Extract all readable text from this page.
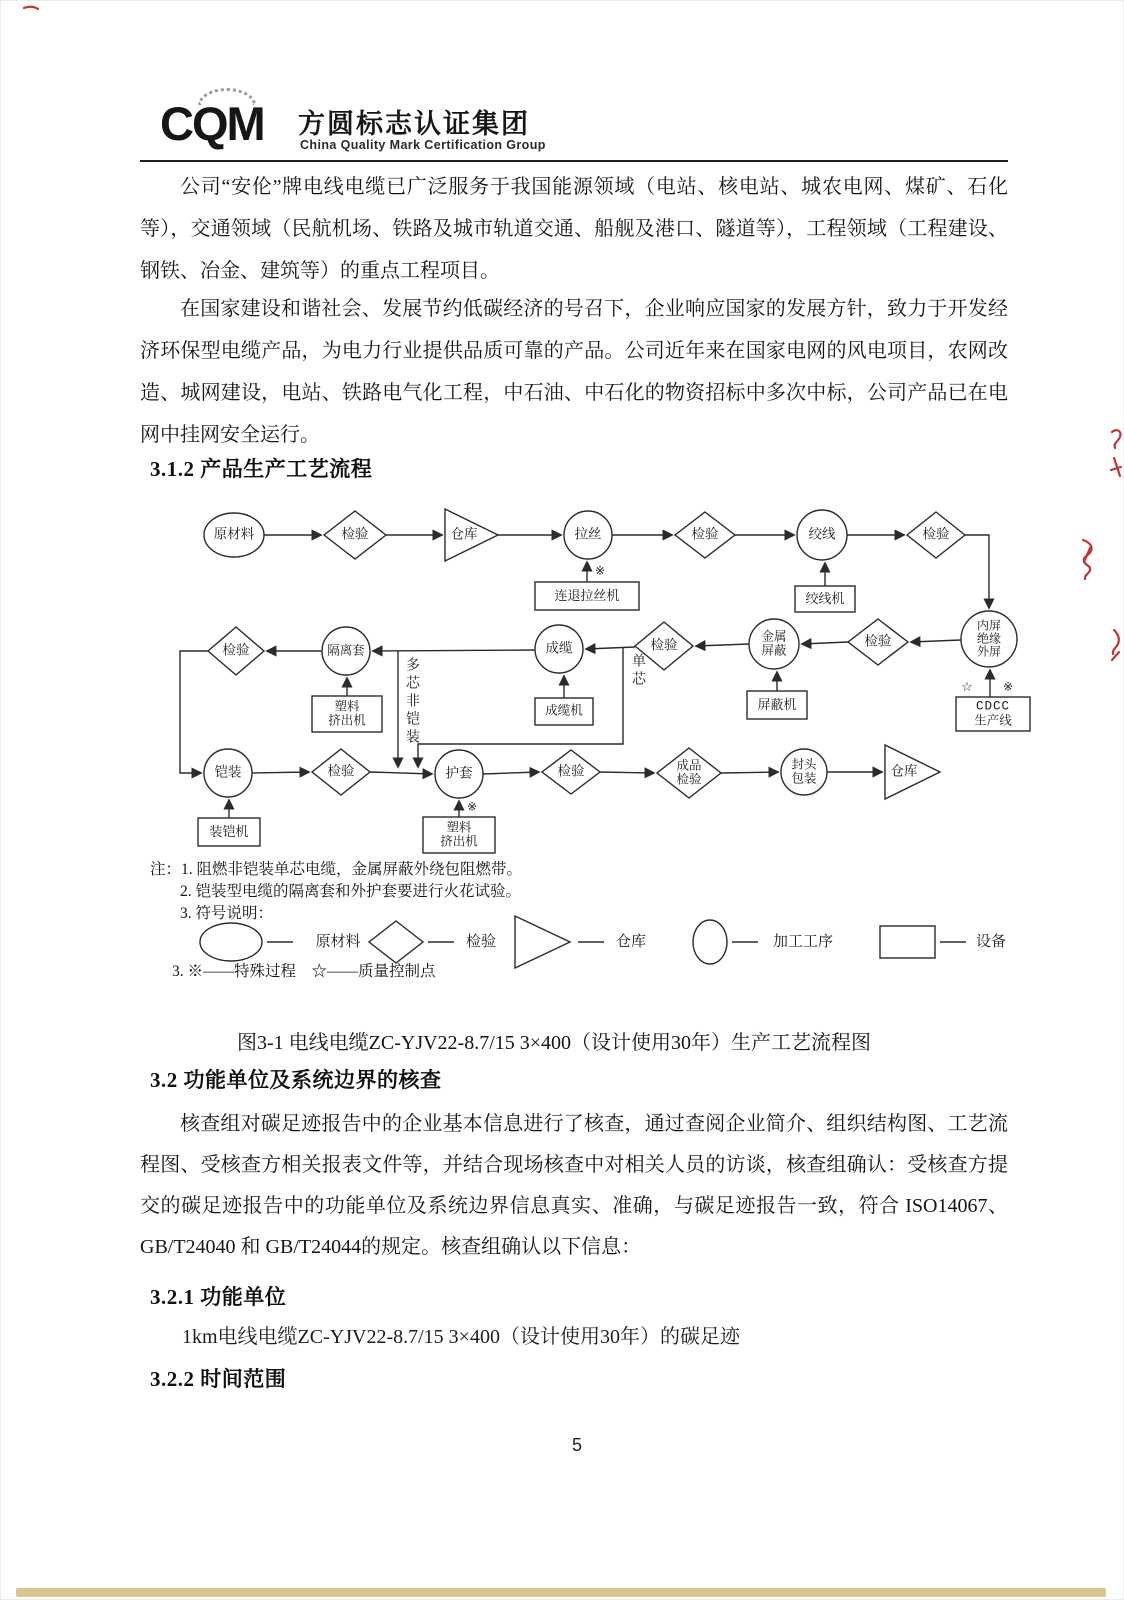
CQM	方圆标志认证集团
China Quality Mark Certification Group
公司“安伦”牌电线电缆已广泛服务于我国能源领域（电站、核电站、城农电网、煤矿、石化等），交通领域（民航机场、铁路及城市轨道交通、船舰及港口、隧道等），工程领域（工程建设、钢铁、冶金、建筑等）的重点工程项目。
在国家建设和谐社会、发展节约低碳经济的号召下，企业响应国家的发展方针，致力于开发经济环保型电缆产品，为电力行业提供品质可靠的产品。公司近年来在国家电网的风电项目，农网改造、城网建设，电站、铁路电气化工程，中石油、中石化的物资招标中多次中标，公司产品已在电网中挂网安全运行。
3.1.2 产品生产工艺流程
原材料	检验	仓库	拉丝	检验	绞线	检验
※
连退拉丝机	绞线机
内屏
绝缘
外屏
检验
金属
屏蔽
检验
成缆
隔离套
检验
单芯
多芯非铠装	屏蔽机
☆	※
CDCC
生产线
成缆机
塑料
挤出机
铠装	检验	护套	检验	成品
检验
封头
包装	仓库
装铠机
※
塑料
挤出机
注：1. 阻燃非铠装单芯电缆，金属屏蔽外绕包阻燃带。
2. 铠装型电缆的隔离套和外护套要进行火花试验。
3. 符号说明：
原材料	检验	仓库	加工工序	设备
3. ※——特殊过程　☆——质量控制点
图3-1 电线电缆ZC-YJV22-8.7/15 3×400（设计使用30年）生产工艺流程图
3.2 功能单位及系统边界的核查
核查组对碳足迹报告中的企业基本信息进行了核查，通过查阅企业简介、组织结构图、工艺流程图、受核查方相关报表文件等，并结合现场核查中对相关人员的访谈，核查组确认：受核查方提交的碳足迹报告中的功能单位及系统边界信息真实、准确，与碳足迹报告一致，符合 ISO14067、GB/T24040 和 GB/T24044的规定。核查组确认以下信息：
3.2.1 功能单位
1km电线电缆ZC-YJV22-8.7/15 3×400（设计使用30年）的碳足迹
3.2.2 时间范围
5
